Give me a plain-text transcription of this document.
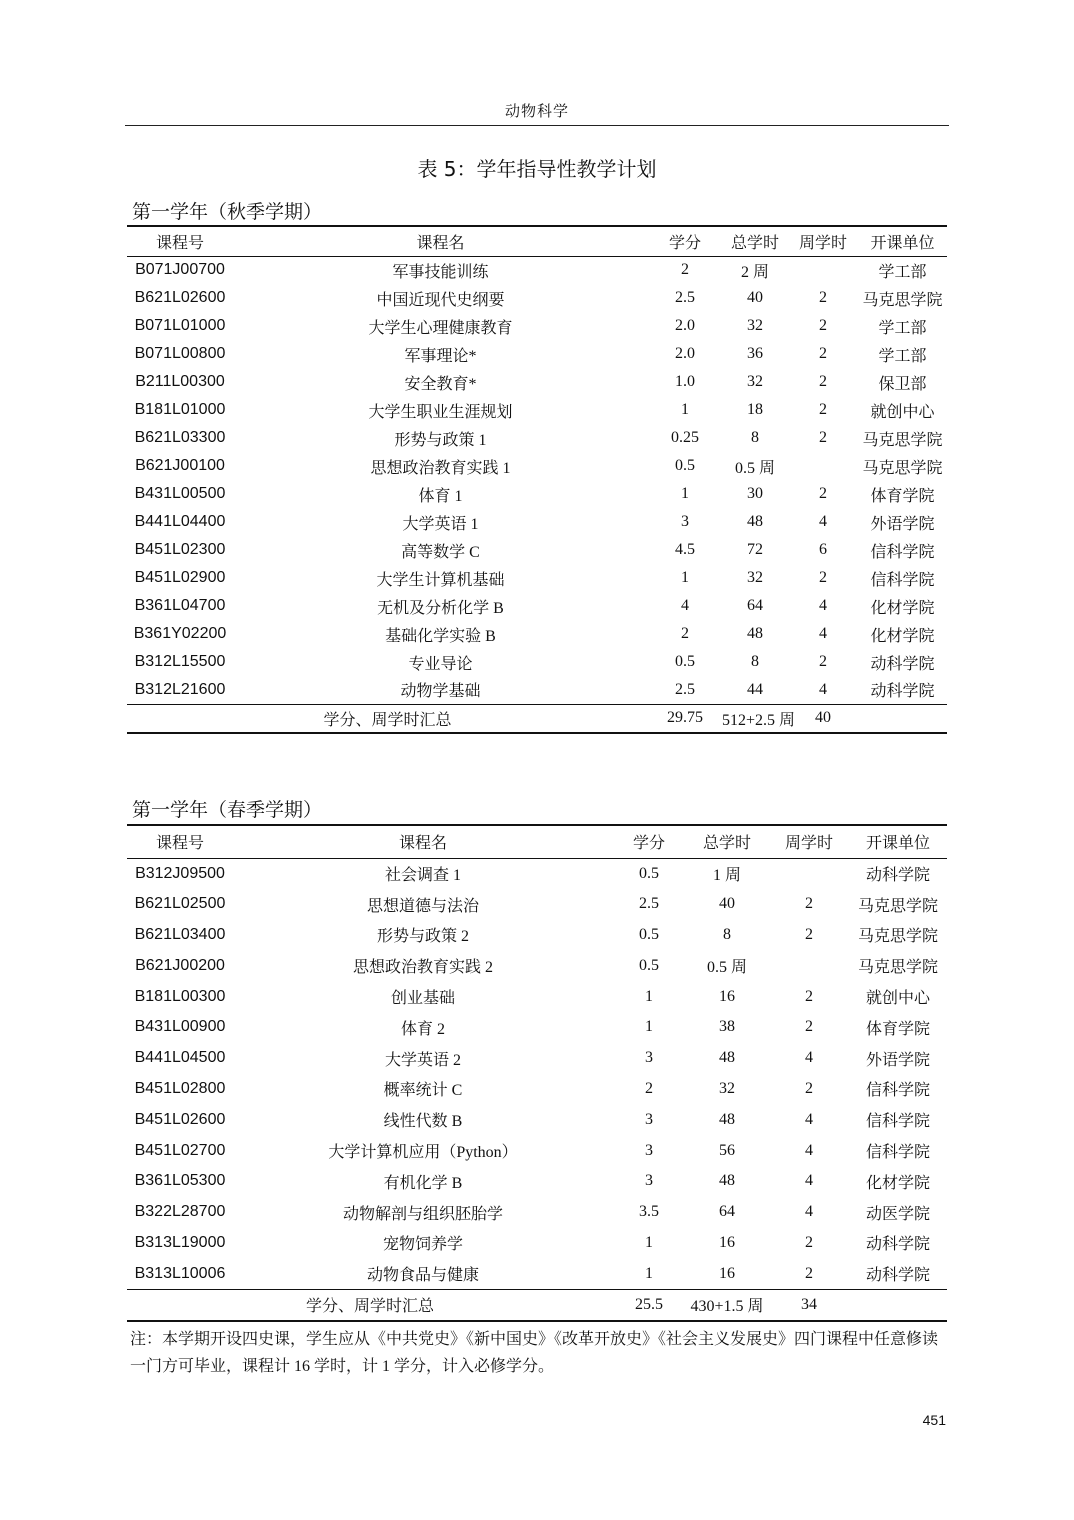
动物科学
表 5：学年指导性教学计划
第一学年（秋季学期）
课程号	课程名	学分	总学时	周学时	开课单位
B071J00700	军事技能训练	2	2 周		学工部
B621L02600	中国近现代史纲要	2.5	40	2	马克思学院
B071L01000	大学生心理健康教育	2.0	32	2	学工部
B071L00800	军事理论*	2.0	36	2	学工部
B211L00300	安全教育*	1.0	32	2	保卫部
B181L01000	大学生职业生涯规划	1	18	2	就创中心
B621L03300	形势与政策 1	0.25	8	2	马克思学院
B621J00100	思想政治教育实践 1	0.5	0.5 周		马克思学院
B431L00500	体育 1	1	30	2	体育学院
B441L04400	大学英语 1	3	48	4	外语学院
B451L02300	高等数学 C	4.5	72	6	信科学院
B451L02900	大学生计算机基础	1	32	2	信科学院
B361L04700	无机及分析化学 B	4	64	4	化材学院
B361Y02200	基础化学实验 B	2	48	4	化材学院
B312L15500	专业导论	0.5	8	2	动科学院
B312L21600	动物学基础	2.5	44	4	动科学院
学分、周学时汇总		29.75	512+2.5 周	40	
第一学年（春季学期）
课程号	课程名	学分	总学时	周学时	开课单位
B312J09500	社会调查 1	0.5	1 周		动科学院
B621L02500	思想道德与法治	2.5	40	2	马克思学院
B621L03400	形势与政策 2	0.5	8	2	马克思学院
B621J00200	思想政治教育实践 2	0.5	0.5 周		马克思学院
B181L00300	创业基础	1	16	2	就创中心
B431L00900	体育 2	1	38	2	体育学院
B441L04500	大学英语 2	3	48	4	外语学院
B451L02800	概率统计 C	2	32	2	信科学院
B451L02600	线性代数 B	3	48	4	信科学院
B451L02700	大学计算机应用（Python）	3	56	4	信科学院
B361L05300	有机化学 B	3	48	4	化材学院
B322L28700	动物解剖与组织胚胎学	3.5	64	4	动医学院
B313L19000	宠物饲养学	1	16	2	动科学院
B313L10006	动物食品与健康	1	16	2	动科学院
学分、周学时汇总		25.5	430+1.5 周	34	
注：本学期开设四史课，学生应从《中共党史》《新中国史》《改革开放史》《社会主义发展史》四门课程中任意修读一门方可毕业，课程计 16 学时，计 1 学分，计入必修学分。
451
